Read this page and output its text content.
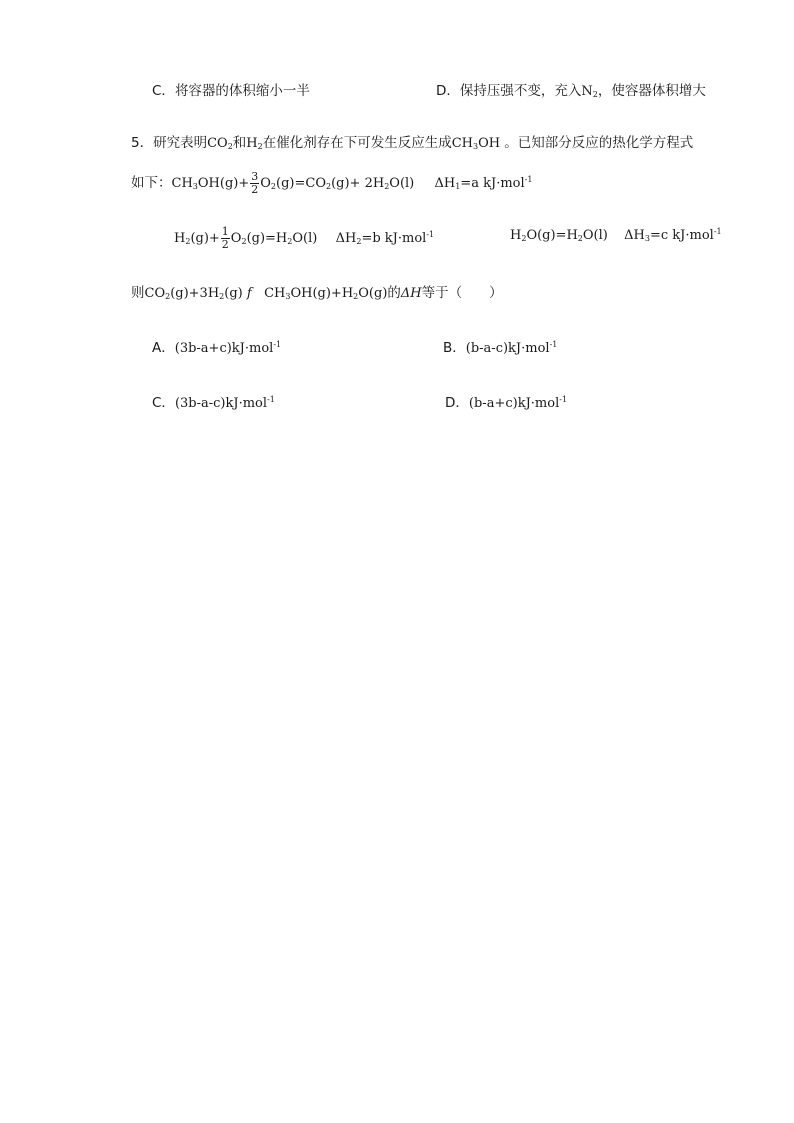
C．将容器的体积缩小一半	D．保持压强不变，充入$N_2$，使容器体积增大
5．研究表明$CO_2$和$H_2$在催化剂存在下可发生反应生成$CH_3OH$ 。已知部分反应的热化学方程式
如下：$CH_3OH(g)+ \frac{3}{2} O_2(g)=CO_2(g)+ 2H_2O(l)$ $\Delta H_1=a$ kJ·mol$^{-1}$
$H_2(g)+ \frac{1}{2} O_2(g)=H_2O(l)$ $\Delta H_2=b$ kJ·mol$^{-1}$	$H_2O(g)=H_2O(l)$ $\Delta H_3=c$ kJ·mol$^{-1}$
则$CO_2(g)+3H_2(g)$ f   $CH_3OH(g)+H_2O(g)$的ΔH等于（　　）
A．(3b-a+c)kJ·mol$^{-1}$	B．(b-a-c)kJ·mol$^{-1}$
C．(3b-a-c)kJ·mol$^{-1}$	D．(b-a+c)kJ·mol$^{-1}$
